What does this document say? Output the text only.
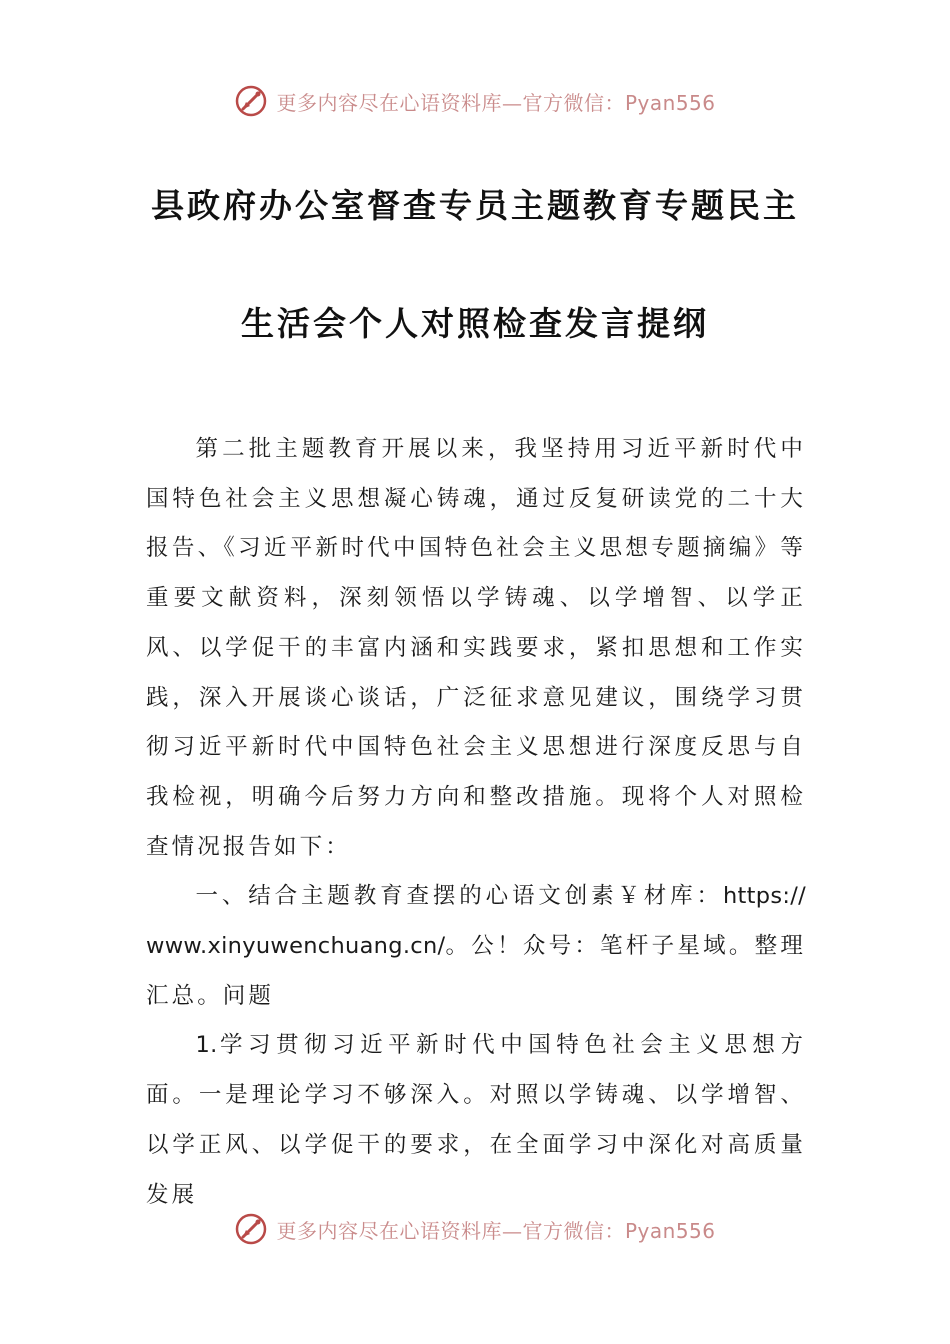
更多内容尽在心语资料库—官方微信：Pyan556
县政府办公室督查专员主题教育专题民主
生活会个人对照检查发言提纲

第二批主题教育开展以来，我坚持用习近平新时代中国特色社会主义思想凝心铸魂，通过反复研读党的二十大报告、《习近平新时代中国特色社会主义思想专题摘编》等重要文献资料，深刻领悟以学铸魂、以学增智、以学正风、以学促干的丰富内涵和实践要求，紧扣思想和工作实践，深入开展谈心谈话，广泛征求意见建议，围绕学习贯彻习近平新时代中国特色社会主义思想进行深度反思与自我检视，明确今后努力方向和整改措施。现将个人对照检查情况报告如下：

一、结合主题教育查摆的心语文创素￥材库：https://www.xinyuwenchuang.cn/。公！众号：笔杆子星域。整理汇总。问题

1.学习贯彻习近平新时代中国特色社会主义思想方面。一是理论学习不够深入。对照以学铸魂、以学增智、以学正风、以学促干的要求，在全面学习中深化对高质量发展

更多内容尽在心语资料库—官方微信：Pyan556
